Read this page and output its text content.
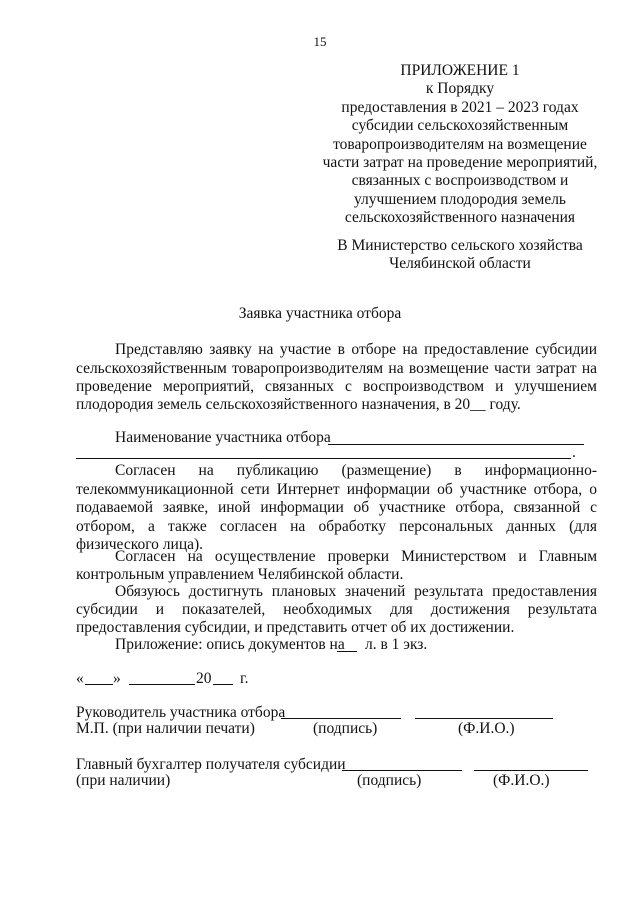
15
ПРИЛОЖЕНИЕ 1
к Порядку
предоставления в 2021 – 2023 годах
субсидии сельскохозяйственным
товаропроизводителям на возмещение
части затрат на проведение мероприятий,
связанных с воспроизводством и
улучшением плодородия земель
сельскохозяйственного назначения
В Министерство сельского хозяйства
Челябинской области
Заявка участника отбора
Представляю заявку на участие в отборе на предоставление субсидии
сельскохозяйственным товаропроизводителям на возмещение части затрат на
проведение мероприятий, связанных с воспроизводством и улучшением
плодородия земель сельскохозяйственного назначения, в 20__ году.
Наименование участника отбора
.
Согласен на публикацию (размещение) в информационно-
телекоммуникационной сети Интернет информации об участнике отбора, о
подаваемой заявке, иной информации об участнике отбора, связанной с
отбором, а также согласен на обработку персональных данных (для
физического лица).
Согласен на осуществление проверки Министерством и Главным
контрольным управлением Челябинской области.
Обязуюсь достигнуть плановых значений результата предоставления
субсидии и показателей, необходимых для достижения результата
предоставления субсидии, и представить отчет об их достижении.
Приложение: опись документов на л. в 1 экз.
« »	20 г.
Руководитель участника отбора
М.П. (при наличии печати)	(подпись)	(Ф.И.О.)
Главный бухгалтер получателя субсидии
(при наличии)	(подпись)	(Ф.И.О.)
